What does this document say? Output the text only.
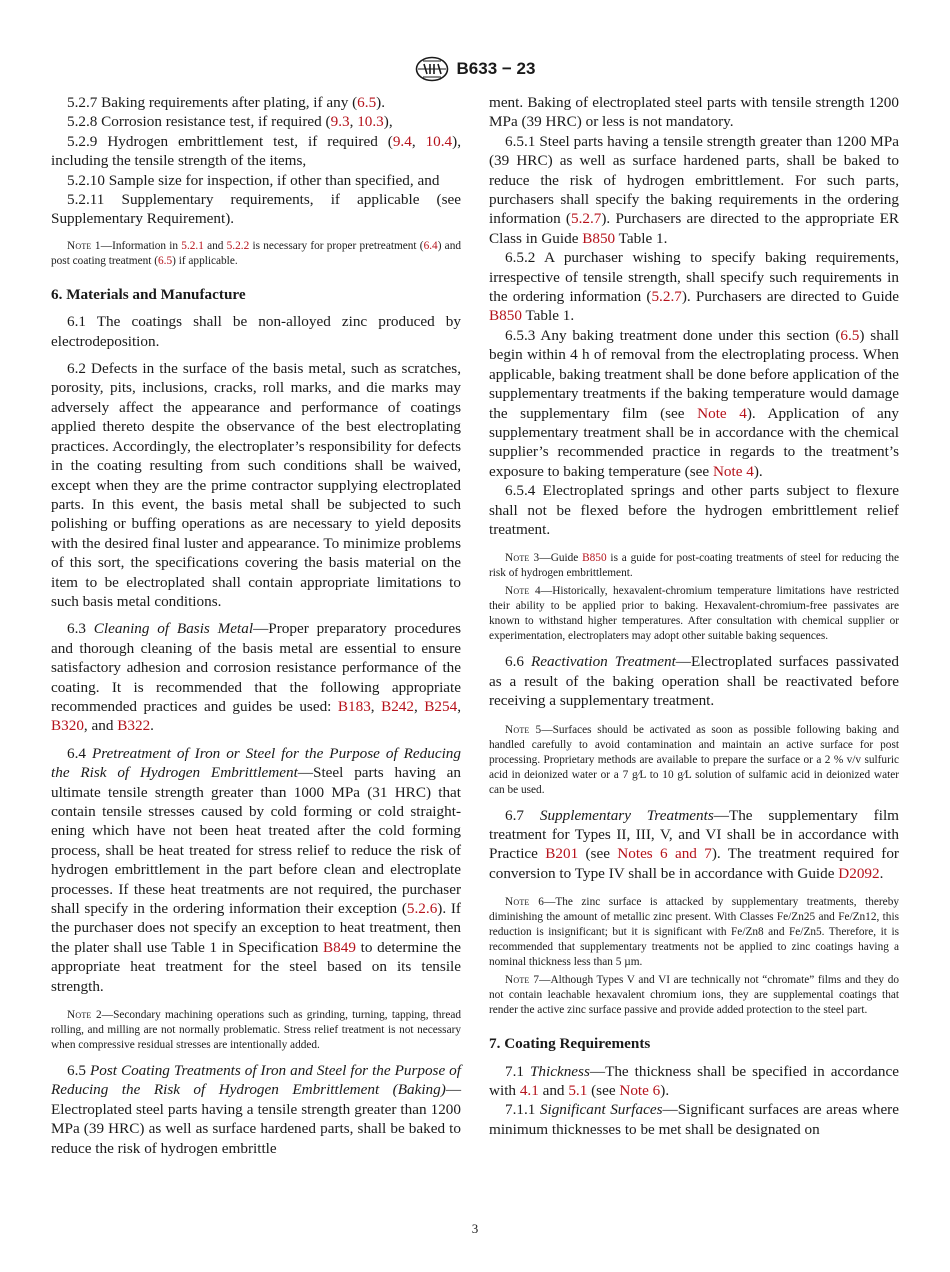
B633 − 23

5.2.7 Baking requirements after plating, if any (6.5).

5.2.8 Corrosion resistance test, if required (9.3, 10.3),

5.2.9 Hydrogen embrittlement test, if required (9.4, 10.4), including the tensile strength of the items,

5.2.10 Sample size for inspection, if other than specified, and

5.2.11 Supplementary requirements, if applicable (see Supplementary Requirement).

Note 1—Information in 5.2.1 and 5.2.2 is necessary for proper pretreatment (6.4) and post coating treatment (6.5) if applicable.

6. Materials and Manufacture

6.1 The coatings shall be non-alloyed zinc produced by electrodeposition.

6.2 Defects in the surface of the basis metal, such as scratches, porosity, pits, inclusions, cracks, roll marks, and die marks may adversely affect the appearance and performance of coatings applied thereto despite the observance of the best electroplating practices. Accordingly, the electroplater’s responsibility for defects in the coating resulting from such conditions shall be waived, except when they are the prime contractor supplying electroplated parts. In this event, the basis metal shall be subjected to such polishing or buffing operations as are necessary to yield deposits with the desired final luster and appearance. To minimize problems of this sort, the specifications covering the basis material on the item to be electroplated shall contain appropriate limitations to such basis metal conditions.

6.3 Cleaning of Basis Metal—Proper preparatory procedures and thorough cleaning of the basis metal are essential to ensure satisfactory adhesion and corrosion resistance performance of the coating. It is recommended that the following appropriate recommended practices and guides be used: B183, B242, B254, B320, and B322.

6.4 Pretreatment of Iron or Steel for the Purpose of Reducing the Risk of Hydrogen Embrittlement—Steel parts having an ultimate tensile strength greater than 1000 MPa (31 HRC) that contain tensile stresses caused by cold forming or cold straightening which have not been heat treated after the cold forming process, shall be heat treated for stress relief to reduce the risk of hydrogen embrittlement in the part before clean and electroplate processes. If these heat treatments are not required, the purchaser shall specify in the ordering information their exception (5.2.6). If the purchaser does not specify an exception to heat treatment, then the plater shall use Table 1 in Specification B849 to determine the appropriate heat treatment for the steel based on its tensile strength.

Note 2—Secondary machining operations such as grinding, turning, tapping, thread rolling, and milling are not normally problematic. Stress relief treatment is not necessary when compressive residual stresses are intentionally added.

6.5 Post Coating Treatments of Iron and Steel for the Purpose of Reducing the Risk of Hydrogen Embrittlement (Baking)—Electroplated steel parts having a tensile strength greater than 1200 MPa (39 HRC) as well as surface hardened parts, shall be baked to reduce the risk of hydrogen embrittle

ment. Baking of electroplated steel parts with tensile strength 1200 MPa (39 HRC) or less is not mandatory.

6.5.1 Steel parts having a tensile strength greater than 1200 MPa (39 HRC) as well as surface hardened parts, shall be baked to reduce the risk of hydrogen embrittlement. For such parts, purchasers shall specify the baking requirements in the ordering information (5.2.7). Purchasers are directed to the appropriate ER Class in Guide B850 Table 1.

6.5.2 A purchaser wishing to specify baking requirements, irrespective of tensile strength, shall specify such requirements in the ordering information (5.2.7). Purchasers are directed to Guide B850 Table 1.

6.5.3 Any baking treatment done under this section (6.5) shall begin within 4 h of removal from the electroplating process. When applicable, baking treatment shall be done before application of the supplementary treatments if the baking temperature would damage the supplementary film (see Note 4). Application of any supplementary treatment shall be in accordance with the chemical supplier’s recommended practice in regards to the treatment’s exposure to baking temperature (see Note 4).

6.5.4 Electroplated springs and other parts subject to flexure shall not be flexed before the hydrogen embrittlement relief treatment.

Note 3—Guide B850 is a guide for post-coating treatments of steel for reducing the risk of hydrogen embrittlement.

Note 4—Historically, hexavalent-chromium temperature limitations have restricted their ability to be applied prior to baking. Hexavalent-chromium-free passivates are known to withstand higher temperatures. After consultation with chemical supplier or experimentation, electroplaters may adopt other suitable baking sequences.

6.6 Reactivation Treatment—Electroplated surfaces passivated as a result of the baking operation shall be reactivated before receiving a supplementary treatment.

Note 5—Surfaces should be activated as soon as possible following baking and handled carefully to avoid contamination and maintain an active surface for post processing. Proprietary methods are available to prepare the surface or a 2 % v/v sulfuric acid in deionized water or a 7 g⁄L to 10 g⁄L solution of sulfamic acid in deionized water can be used.

6.7 Supplementary Treatments—The supplementary film treatment for Types II, III, V, and VI shall be in accordance with Practice B201 (see Notes 6 and 7). The treatment required for conversion to Type IV shall be in accordance with Guide D2092.

Note 6—The zinc surface is attacked by supplementary treatments, thereby diminishing the amount of metallic zinc present. With Classes Fe/Zn25 and Fe/Zn12, this reduction is insignificant; but it is significant with Fe/Zn8 and Fe/Zn5. Therefore, it is recommended that supplementary treatments not be applied to zinc coatings having a nominal thickness less than 5 µm.

Note 7—Although Types V and VI are technically not “chromate” films and they do not contain leachable hexavalent chromium ions, they are supplemental coatings that render the active zinc surface passive and provide added protection to the steel part.

7. Coating Requirements

7.1 Thickness—The thickness shall be specified in accordance with 4.1 and 5.1 (see Note 6).

7.1.1 Significant Surfaces—Significant surfaces are areas where minimum thicknesses to be met shall be designated on

3
